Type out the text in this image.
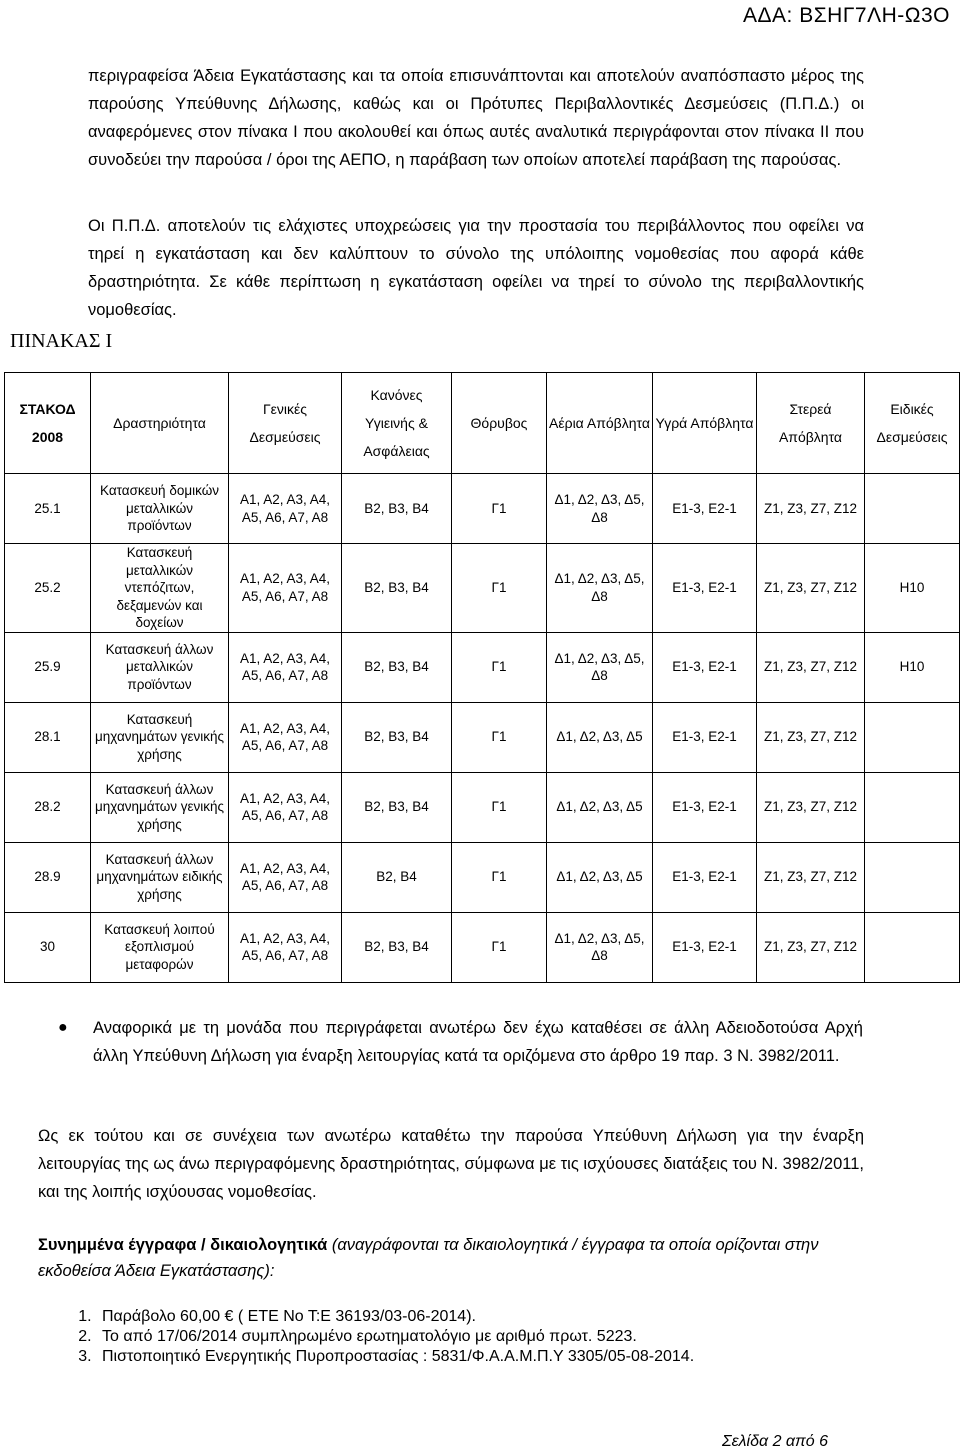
ΑΔΑ: ΒΣΗΓ7ΛΗ-Ω3Ο
περιγραφείσα Άδεια Εγκατάστασης και τα οποία επισυνάπτονται και αποτελούν αναπόσπαστο μέρος της παρούσης Υπεύθυνης Δήλωσης, καθώς και οι Πρότυπες Περιβαλλοντικές Δεσμεύσεις (Π.Π.Δ.) οι αναφερόμενες στον πίνακα Ι που ακολουθεί και όπως αυτές αναλυτικά περιγράφονται στον πίνακα ΙΙ που συνοδεύει την παρούσα / όροι της ΑΕΠΟ, η παράβαση των οποίων αποτελεί παράβαση της παρούσας.
Οι Π.Π.Δ. αποτελούν τις ελάχιστες υποχρεώσεις για την προστασία του περιβάλλοντος που οφείλει να τηρεί η εγκατάσταση και δεν καλύπτουν το σύνολο της υπόλοιπης νομοθεσίας που αφορά κάθε δραστηριότητα. Σε κάθε περίπτωση η εγκατάσταση οφείλει να τηρεί το σύνολο της περιβαλλοντικής νομοθεσίας.
ΠΙΝΑΚΑΣ Ι
ΣΤΑΚΟΔ 2008	Δραστηριότητα	Γενικές Δεσμεύσεις	Κανόνες Υγιεινής & Ασφάλειας	Θόρυβος	Αέρια Απόβλητα	Υγρά Απόβλητα	Στερεά Απόβλητα	Ειδικές Δεσμεύσεις
25.1	Κατασκευή δομικών μεταλλικών προϊόντων	Α1, Α2, Α3, Α4, Α5, Α6, Α7, Α8	Β2, Β3, Β4	Γ1	Δ1, Δ2, Δ3, Δ5, Δ8	Ε1-3, Ε2-1	Ζ1, Ζ3, Ζ7, Ζ12	
25.2	Κατασκευή μεταλλικών ντεπόζιτων, δεξαμενών και δοχείων	Α1, Α2, Α3, Α4, Α5, Α6, Α7, Α8	Β2, Β3, Β4	Γ1	Δ1, Δ2, Δ3, Δ5, Δ8	Ε1-3, Ε2-1	Ζ1, Ζ3, Ζ7, Ζ12	Η10
25.9	Κατασκευή άλλων μεταλλικών προϊόντων	Α1, Α2, Α3, Α4, Α5, Α6, Α7, Α8	Β2, Β3, Β4	Γ1	Δ1, Δ2, Δ3, Δ5, Δ8	Ε1-3, Ε2-1	Ζ1, Ζ3, Ζ7, Ζ12	Η10
28.1	Κατασκευή μηχανημάτων γενικής χρήσης	Α1, Α2, Α3, Α4, Α5, Α6, Α7, Α8	Β2, Β3, Β4	Γ1	Δ1, Δ2, Δ3, Δ5	Ε1-3, Ε2-1	Ζ1, Ζ3, Ζ7, Ζ12	
28.2	Κατασκευή άλλων μηχανημάτων γενικής χρήσης	Α1, Α2, Α3, Α4, Α5, Α6, Α7, Α8	Β2, Β3, Β4	Γ1	Δ1, Δ2, Δ3, Δ5	Ε1-3, Ε2-1	Ζ1, Ζ3, Ζ7, Ζ12	
28.9	Κατασκευή άλλων μηχανημάτων ειδικής χρήσης	Α1, Α2, Α3, Α4, Α5, Α6, Α7, Α8	Β2, Β4	Γ1	Δ1, Δ2, Δ3, Δ5	Ε1-3, Ε2-1	Ζ1, Ζ3, Ζ7, Ζ12	
30	Κατασκευή λοιπού εξοπλισμού μεταφορών	Α1, Α2, Α3, Α4, Α5, Α6, Α7, Α8	Β2, Β3, Β4	Γ1	Δ1, Δ2, Δ3, Δ5, Δ8	Ε1-3, Ε2-1	Ζ1, Ζ3, Ζ7, Ζ12	
● Αναφορικά με τη μονάδα που περιγράφεται ανωτέρω δεν έχω καταθέσει σε άλλη Αδειοδοτούσα Αρχή άλλη Υπεύθυνη Δήλωση για έναρξη λειτουργίας κατά τα οριζόμενα στο άρθρο 19 παρ. 3 Ν. 3982/2011.
Ως εκ τούτου και σε συνέχεια των ανωτέρω καταθέτω την παρούσα Υπεύθυνη Δήλωση για την έναρξη λειτουργίας της ως άνω περιγραφόμενης δραστηριότητας, σύμφωνα με τις ισχύουσες διατάξεις του Ν. 3982/2011, και της λοιπής ισχύουσας νομοθεσίας.
Συνημμένα έγγραφα / δικαιολογητικά (αναγράφονται τα δικαιολογητικά / έγγραφα τα οποία ορίζονται στην εκδοθείσα Άδεια Εγκατάστασης):
1. Παράβολο 60,00 € ( ΕΤΕ Νο Τ:Ε 36193/03-06-2014).
2. Το από 17/06/2014 συμπληρωμένο ερωτηματολόγιο με αριθμό πρωτ. 5223.
3. Πιστοποιητικό Ενεργητικής Πυροπροστασίας : 5831/Φ.Α.Α.Μ.Π.Υ 3305/05-08-2014.
Σελίδα 2 από 6
